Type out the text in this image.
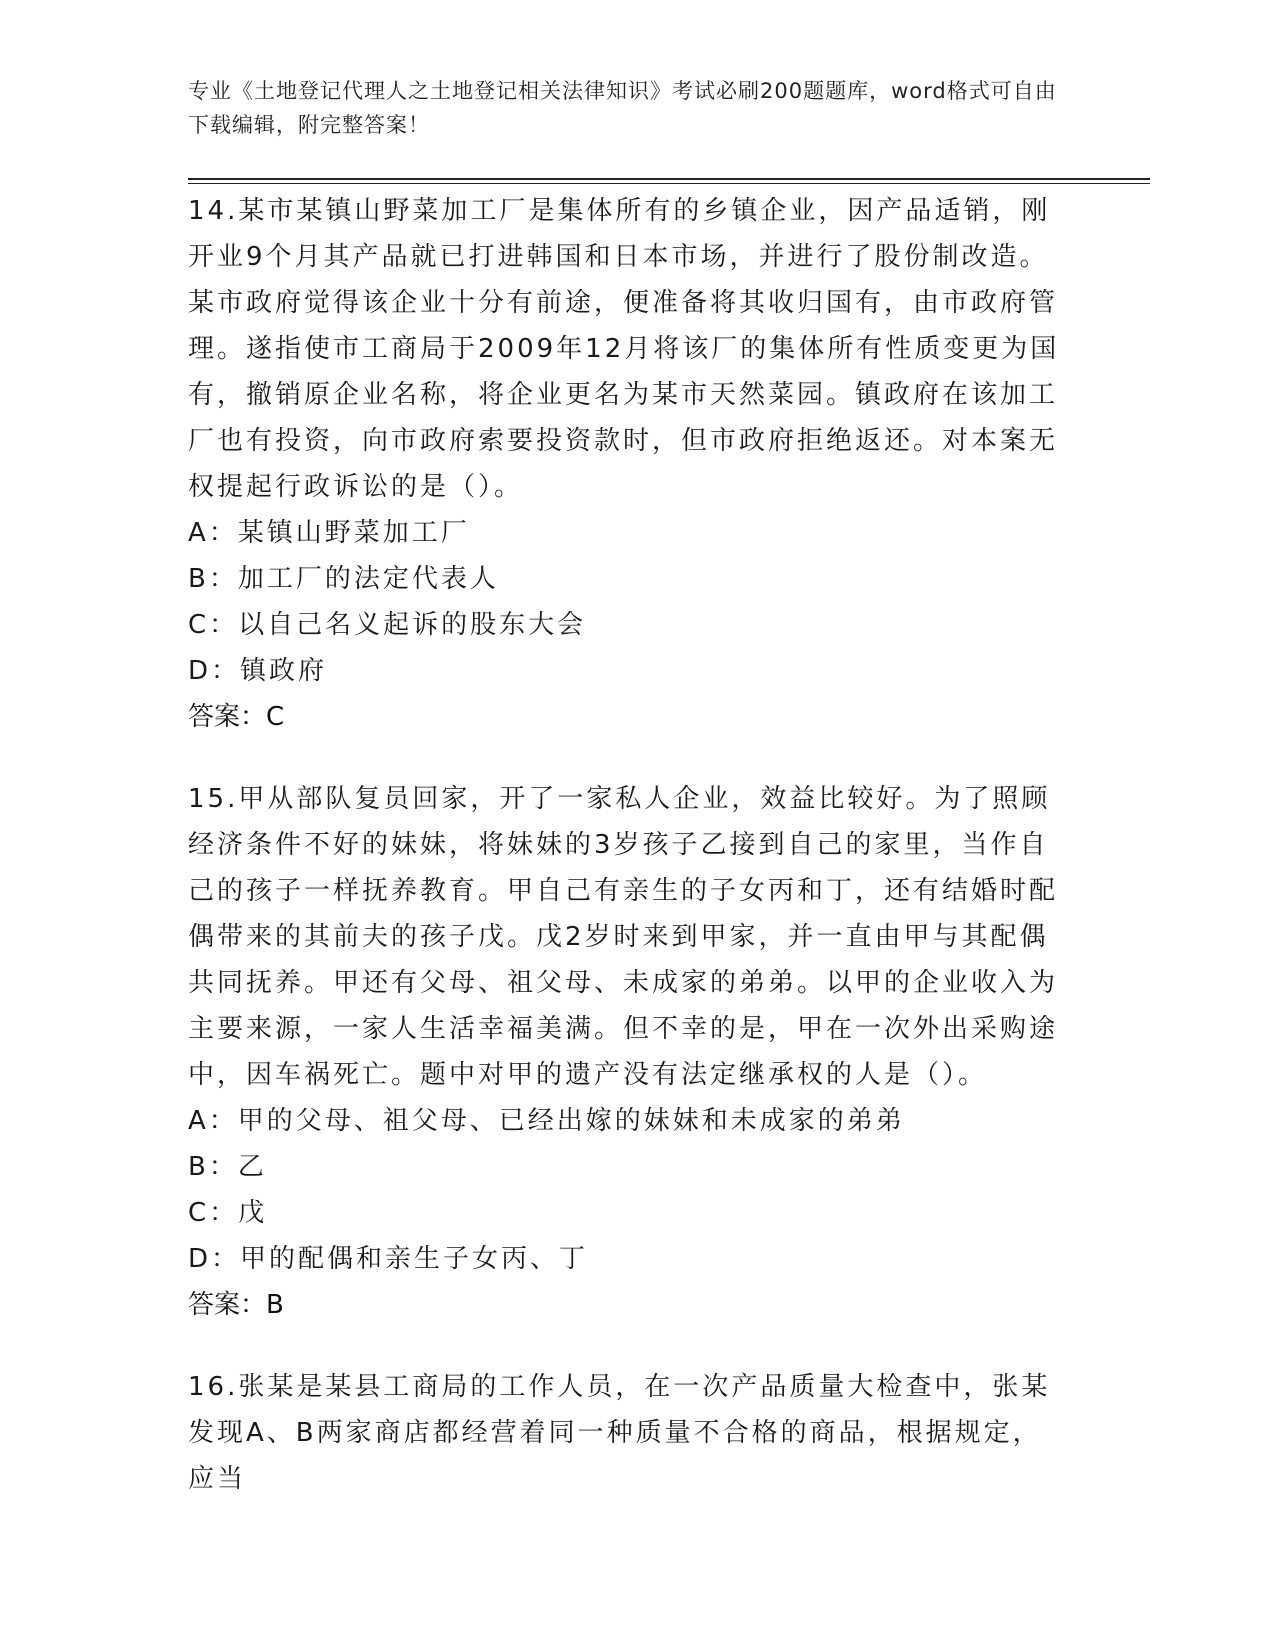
专业《土地登记代理人之土地登记相关法律知识》考试必刷200题题库，word格式可自由下载编辑，附完整答案！

14.某市某镇山野菜加工厂是集体所有的乡镇企业，因产品适销，刚开业9个月其产品就已打进韩国和日本市场，并进行了股份制改造。某市政府觉得该企业十分有前途，便准备将其收归国有，由市政府管理。遂指使市工商局于2009年12月将该厂的集体所有性质变更为国有，撤销原企业名称，将企业更名为某市天然菜园。镇政府在该加工厂也有投资，向市政府索要投资款时，但市政府拒绝返还。对本案无权提起行政诉讼的是（）。

A：某镇山野菜加工厂

B：加工厂的法定代表人

C：以自己名义起诉的股东大会

D：镇政府

答案：C

15.甲从部队复员回家，开了一家私人企业，效益比较好。为了照顾经济条件不好的妹妹，将妹妹的3岁孩子乙接到自己的家里，当作自己的孩子一样抚养教育。甲自己有亲生的子女丙和丁，还有结婚时配偶带来的其前夫的孩子戊。戊2岁时来到甲家，并一直由甲与其配偶共同抚养。甲还有父母、祖父母、未成家的弟弟。以甲的企业收入为主要来源，一家人生活幸福美满。但不幸的是，甲在一次外出采购途中，因车祸死亡。题中对甲的遗产没有法定继承权的人是（）。

A：甲的父母、祖父母、已经出嫁的妹妹和未成家的弟弟

B：乙

C：戊

D：甲的配偶和亲生子女丙、丁

答案：B

16.张某是某县工商局的工作人员，在一次产品质量大检查中，张某发现A、B两家商店都经营着同一种质量不合格的商品，根据规定，应当
